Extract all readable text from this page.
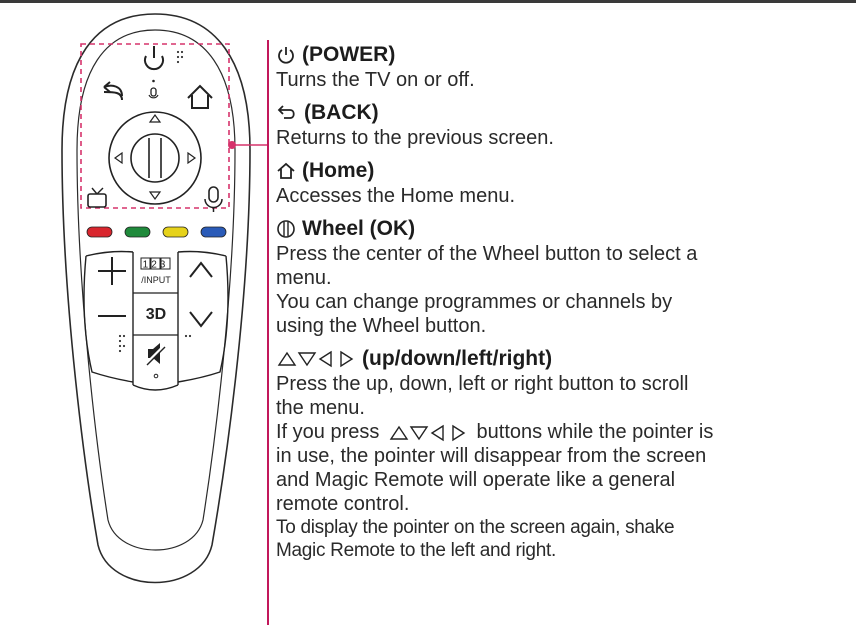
123
/INPUT
3D
(POWER)

Turns the TV on or off.

(BACK)

Returns to the previous screen.

(Home)

Accesses the Home menu.

Wheel (OK)

Press the center of the Wheel button to select a

menu.

You can change programmes or channels by

using the Wheel button.

(up/down/left/right)

Press the up, down, left or right button to scroll

the menu.

If you press	buttons while the pointer is

in use, the pointer will disappear from the screen

and Magic Remote will operate like a general

remote control.

To display the pointer on the screen again, shake

Magic Remote to the left and right.
